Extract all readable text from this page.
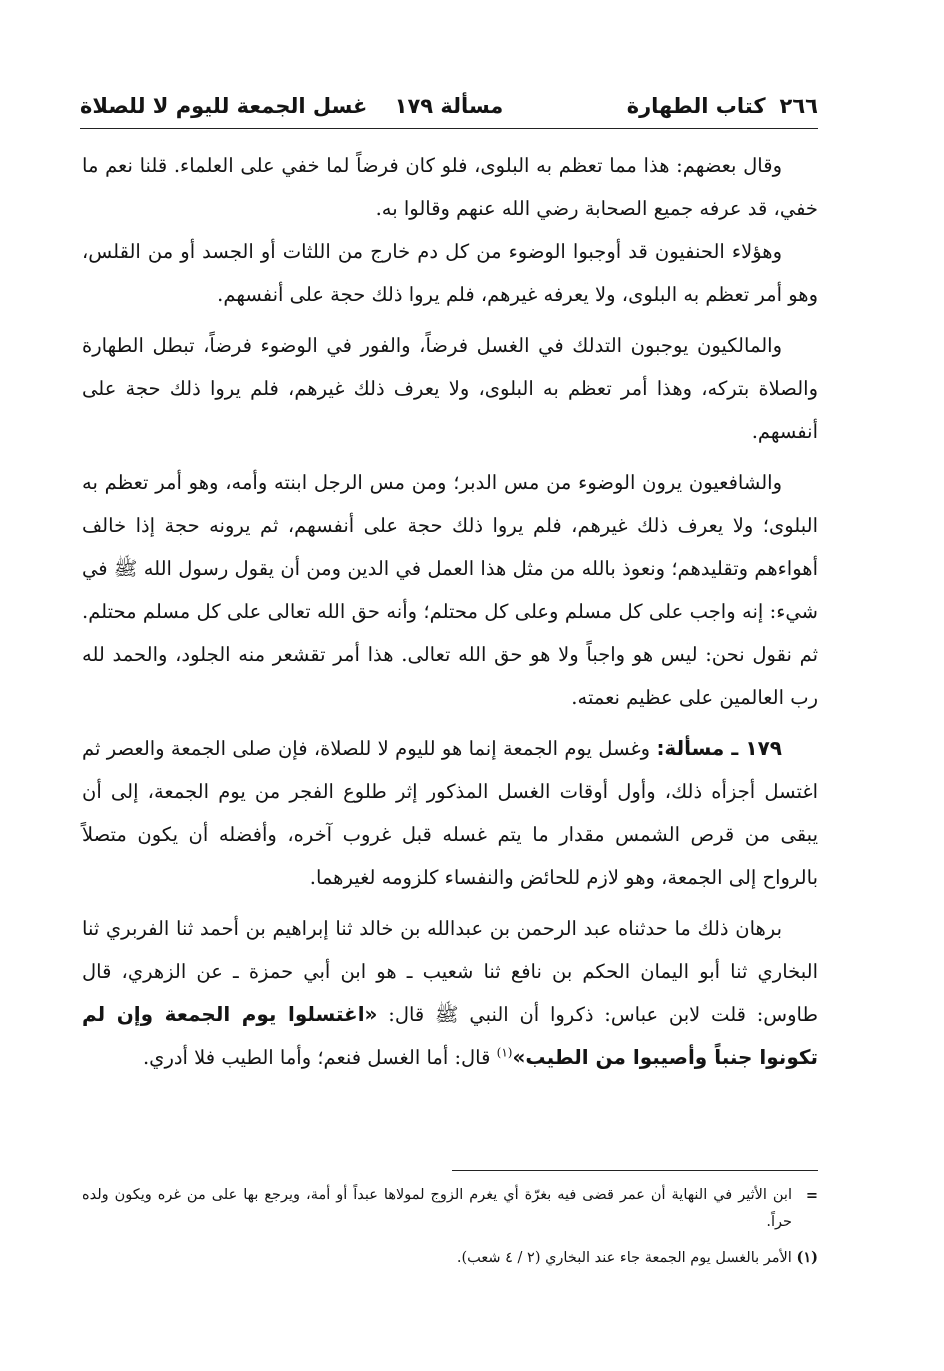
٢٦٦
كتاب الطهارة
مسألة ١٧٩
غسل الجمعة لليوم لا للصلاة

وقال بعضهم: هذا مما تعظم به البلوى، فلو كان فرضاً لما خفي على العلماء. قلنا نعم ما خفي، قد عرفه جميع الصحابة رضي الله عنهم وقالوا به.

وهؤلاء الحنفيون قد أوجبوا الوضوء من كل دم خارج من اللثات أو الجسد أو من القلس، وهو أمر تعظم به البلوى، ولا يعرفه غيرهم، فلم يروا ذلك حجة على أنفسهم.

والمالكيون يوجبون التدلك في الغسل فرضاً، والفور في الوضوء فرضاً، تبطل الطهارة والصلاة بتركه، وهذا أمر تعظم به البلوى، ولا يعرف ذلك غيرهم، فلم يروا ذلك حجة على أنفسهم.

والشافعيون يرون الوضوء من مس الدبر؛ ومن مس الرجل ابنته وأمه، وهو أمر تعظم به البلوى؛ ولا يعرف ذلك غيرهم، فلم يروا ذلك حجة على أنفسهم، ثم يرونه حجة إذا خالف أهواءهم وتقليدهم؛ ونعوذ بالله من مثل هذا العمل في الدين ومن أن يقول رسول الله ﷺ في شيء: إنه واجب على كل مسلم وعلى كل محتلم؛ وأنه حق الله تعالى على كل مسلم محتلم. ثم نقول نحن: ليس هو واجباً ولا هو حق الله تعالى. هذا أمر تقشعر منه الجلود، والحمد لله رب العالمين على عظيم نعمته.

١٧٩ ـ مسألة: وغسل يوم الجمعة إنما هو لليوم لا للصلاة، فإن صلى الجمعة والعصر ثم اغتسل أجزأه ذلك، وأول أوقات الغسل المذكور إثر طلوع الفجر من يوم الجمعة، إلى أن يبقى من قرص الشمس مقدار ما يتم غسله قبل غروب آخره، وأفضله أن يكون متصلاً بالرواح إلى الجمعة، وهو لازم للحائض والنفساء كلزومه لغيرهما.

برهان ذلك ما حدثناه عبد الرحمن بن عبدالله بن خالد ثنا إبراهيم بن أحمد ثنا الفربري ثنا البخاري ثنا أبو اليمان الحكم بن نافع ثنا شعيب ـ هو ابن أبي حمزة ـ عن الزهري، قال طاوس: قلت لابن عباس: ذكروا أن النبي ﷺ قال: «اغتسلوا يوم الجمعة وإن لم تكونوا جنباً وأصيبوا من الطيب»$^{(١)}$ قال: أما الغسل فنعم؛ وأما الطيب فلا أدري.

=
ابن الأثير في النهاية أن عمر قضى فيه بغرّة أي يغرم الزوج لمولاها عبداً أو أمة، ويرجع بها على من غره ويكون ولده حراً.

(١) الأمر بالغسل يوم الجمعة جاء عند البخاري (٢ / ٤ شعب).
